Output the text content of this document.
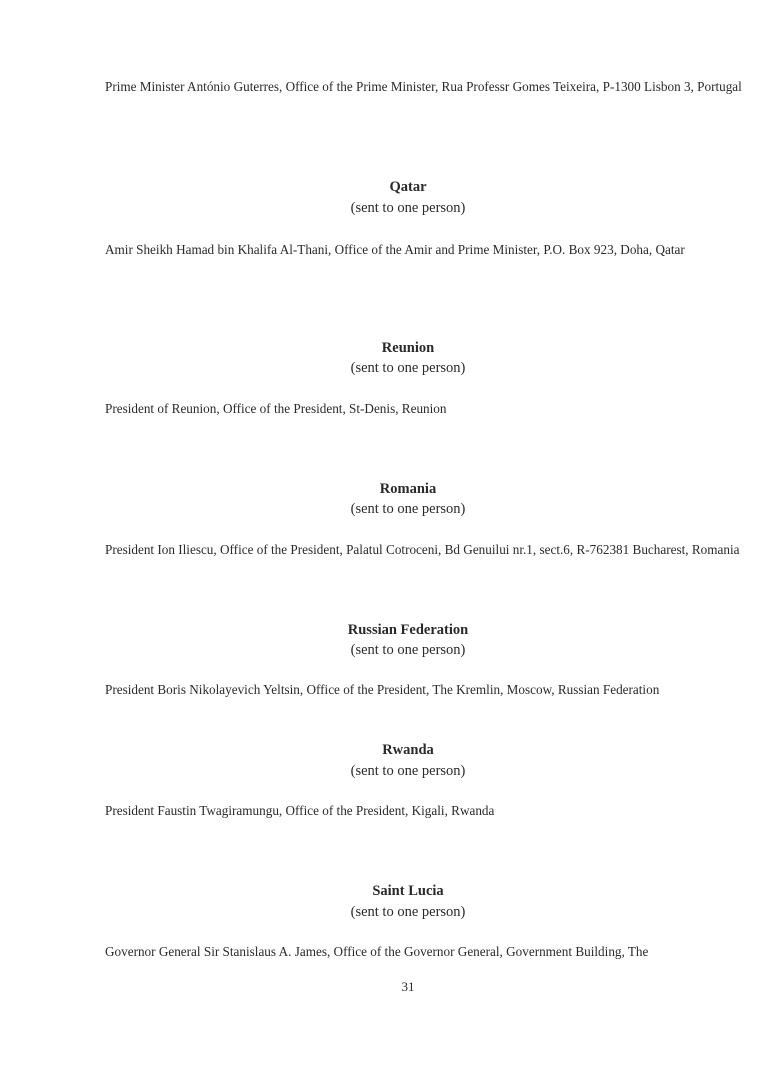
Prime Minister António Guterres, Office of the Prime Minister, Rua Professr Gomes Teixeira, P-1300 Lisbon 3, Portugal
Qatar
(sent to one person)
Amir Sheikh Hamad bin Khalifa Al-Thani, Office of the Amir and Prime Minister, P.O. Box 923, Doha, Qatar
Reunion
(sent to one person)
President of Reunion, Office of the President, St-Denis, Reunion
Romania
(sent to one person)
President Ion Iliescu, Office of the President, Palatul Cotroceni, Bd Genuilui nr.1, sect.6, R-762381 Bucharest, Romania
Russian Federation
(sent to one person)
President Boris Nikolayevich Yeltsin, Office of the President, The Kremlin, Moscow, Russian Federation
Rwanda
(sent to one person)
President Faustin Twagiramungu, Office of the President, Kigali, Rwanda
Saint Lucia
(sent to one person)
Governor General Sir Stanislaus A. James, Office of the Governor General, Government Building, The
31
